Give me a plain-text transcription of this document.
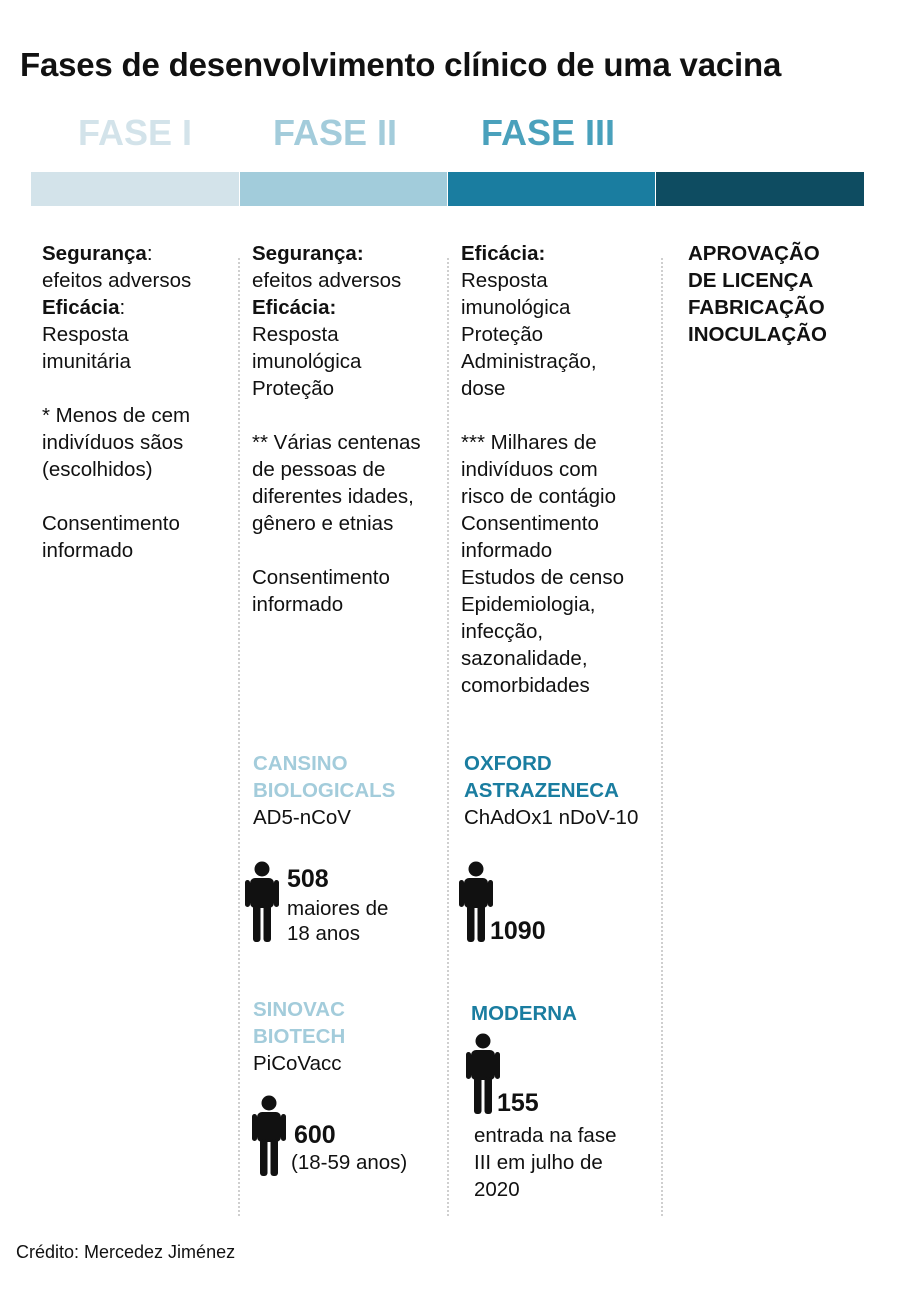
Fases de desenvolvimento clínico de uma vacina
FASE I FASE II FASE III
Segurança:
efeitos adversos
Eficácia:
Resposta
imunitária
* Menos de cem
indivíduos sãos
(escolhidos)
Consentimento
informado
Segurança:
efeitos adversos
Eficácia:
Resposta
imunológica
Proteção
** Várias centenas
de pessoas de
diferentes idades,
gênero e etnias
Consentimento
informado
Eficácia:
Resposta
imunológica
Proteção
Administração,
dose
*** Milhares de
indivíduos com
risco de contágio
Consentimento
informado
Estudos de censo
Epidemiologia,
infecção,
sazonalidade,
comorbidades
APROVAÇÃO
DE LICENÇA
FABRICAÇÃO
INOCULAÇÃO
CANSINO
BIOLOGICALS
AD5-nCoV
508
maiores de
18 anos
SINOVAC
BIOTECH
PiCoVacc
600
(18-59 anos)
OXFORD
ASTRAZENECA
ChAdOx1 nDoV-10
1090
MODERNA
155
entrada na fase
III em julho de
2020
Crédito: Mercedez Jiménez
